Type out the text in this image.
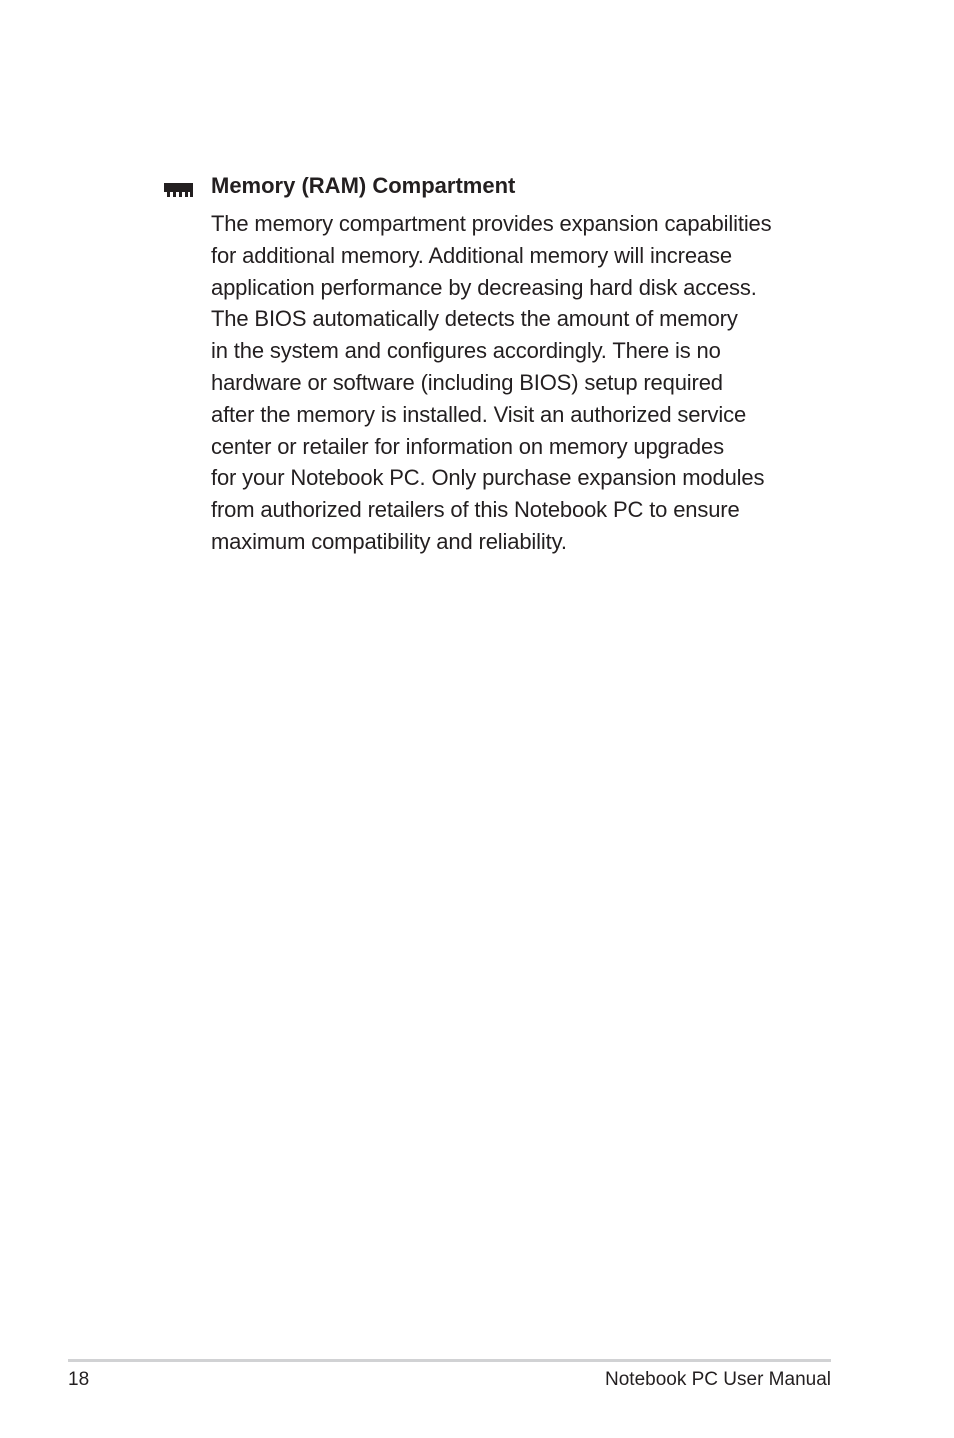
Memory (RAM) Compartment
The memory compartment provides expansion capabilities
for additional memory. Additional memory will increase
application performance by decreasing hard disk access.
The BIOS automatically detects the amount of memory
in the system and configures accordingly. There is no
hardware or software (including BIOS) setup required
after the memory is installed. Visit an authorized service
center or retailer for information on memory upgrades
for your Notebook PC. Only purchase expansion modules
from authorized retailers of this Notebook PC to ensure
maximum compatibility and reliability.
18	Notebook PC User Manual
